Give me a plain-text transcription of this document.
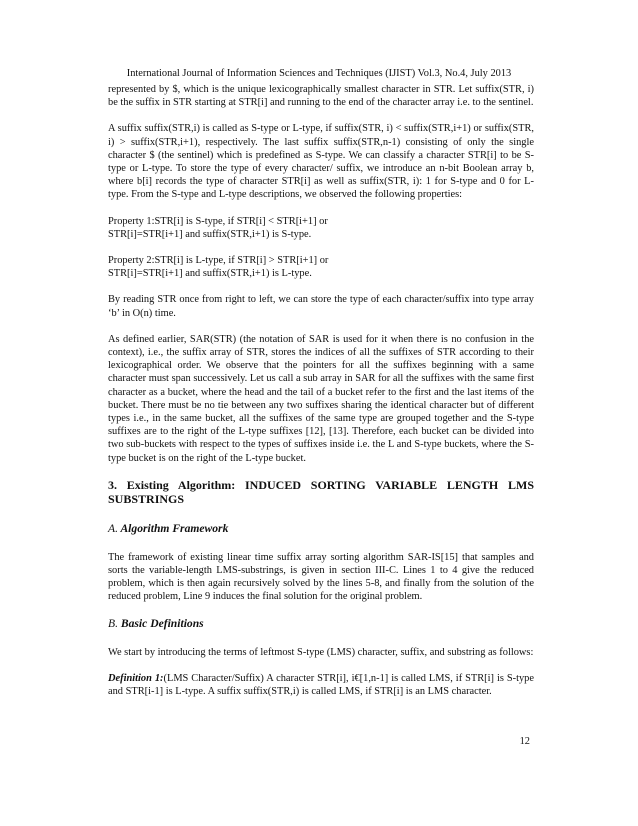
International Journal of Information Sciences and Techniques (IJIST) Vol.3, No.4, July 2013

represented by $, which is the unique lexicographically smallest character in STR. Let suffix(STR, i) be the suffix in STR starting at STR[i] and running to the end of the character array i.e. to the sentinel.

A suffix suffix(STR,i) is called as S-type or L-type, if suffix(STR, i) < suffix(STR,i+1) or suffix(STR, i) > suffix(STR,i+1), respectively. The last suffix suffix(STR,n-1) consisting of only the single character $ (the sentinel) which is predefined as S-type. We can classify a character STR[i] to be S-type or L-type. To store the type of every character/ suffix, we introduce an n-bit Boolean array b, where b[i] records the type of character STR[i] as well as suffix(STR, i): 1 for S-type and 0 for L-type. From the S-type and L-type descriptions, we observed the following properties:

Property 1:STR[i] is S-type, if STR[i] < STR[i+1] or
STR[i]=STR[i+1] and suffix(STR,i+1) is S-type.

Property 2:STR[i] is L-type, if STR[i] > STR[i+1] or
STR[i]=STR[i+1] and suffix(STR,i+1) is L-type.

By reading STR once from right to left, we can store the type of each character/suffix into type array ‘b’ in O(n) time.

As defined earlier, SAR(STR) (the notation of SAR is used for it when there is no confusion in the context), i.e., the suffix array of STR, stores the indices of all the suffixes of STR according to their lexicographical order. We observe that the pointers for all the suffixes beginning with a same character must span successively. Let us call a sub array in SAR for all the suffixes with the same first character as a bucket, where the head and the tail of a bucket refer to the first and the last items of the bucket. There must be no tie between any two suffixes sharing the identical character but of different types i.e., in the same bucket, all the suffixes of the same type are grouped together and the S-type suffixes are to the right of the L-type suffixes [12], [13]. Therefore, each bucket can be divided into two sub-buckets with respect to the types of suffixes inside i.e. the L and S-type buckets, where the S-type bucket is on the right of the L-type bucket.

3. Existing Algorithm: INDUCED SORTING VARIABLE LENGTH LMS SUBSTRINGS
A. Algorithm Framework

The framework of existing linear time suffix array sorting algorithm SAR-IS[15] that samples and sorts the variable-length LMS-substrings, is given in section III-C. Lines 1 to 4 give the reduced problem, which is then again recursively solved by the lines 5-8, and finally from the solution of the reduced problem, Line 9 induces the final solution for the original problem.

B. Basic Definitions

We start by introducing the terms of leftmost S-type (LMS) character, suffix, and substring as follows:

Definition 1:(LMS Character/Suffix) A character STR[i], i€[1,n-1] is called LMS, if STR[i] is S-type and STR[i-1] is L-type. A suffix suffix(STR,i) is called LMS, if STR[i] is an LMS character.

12
